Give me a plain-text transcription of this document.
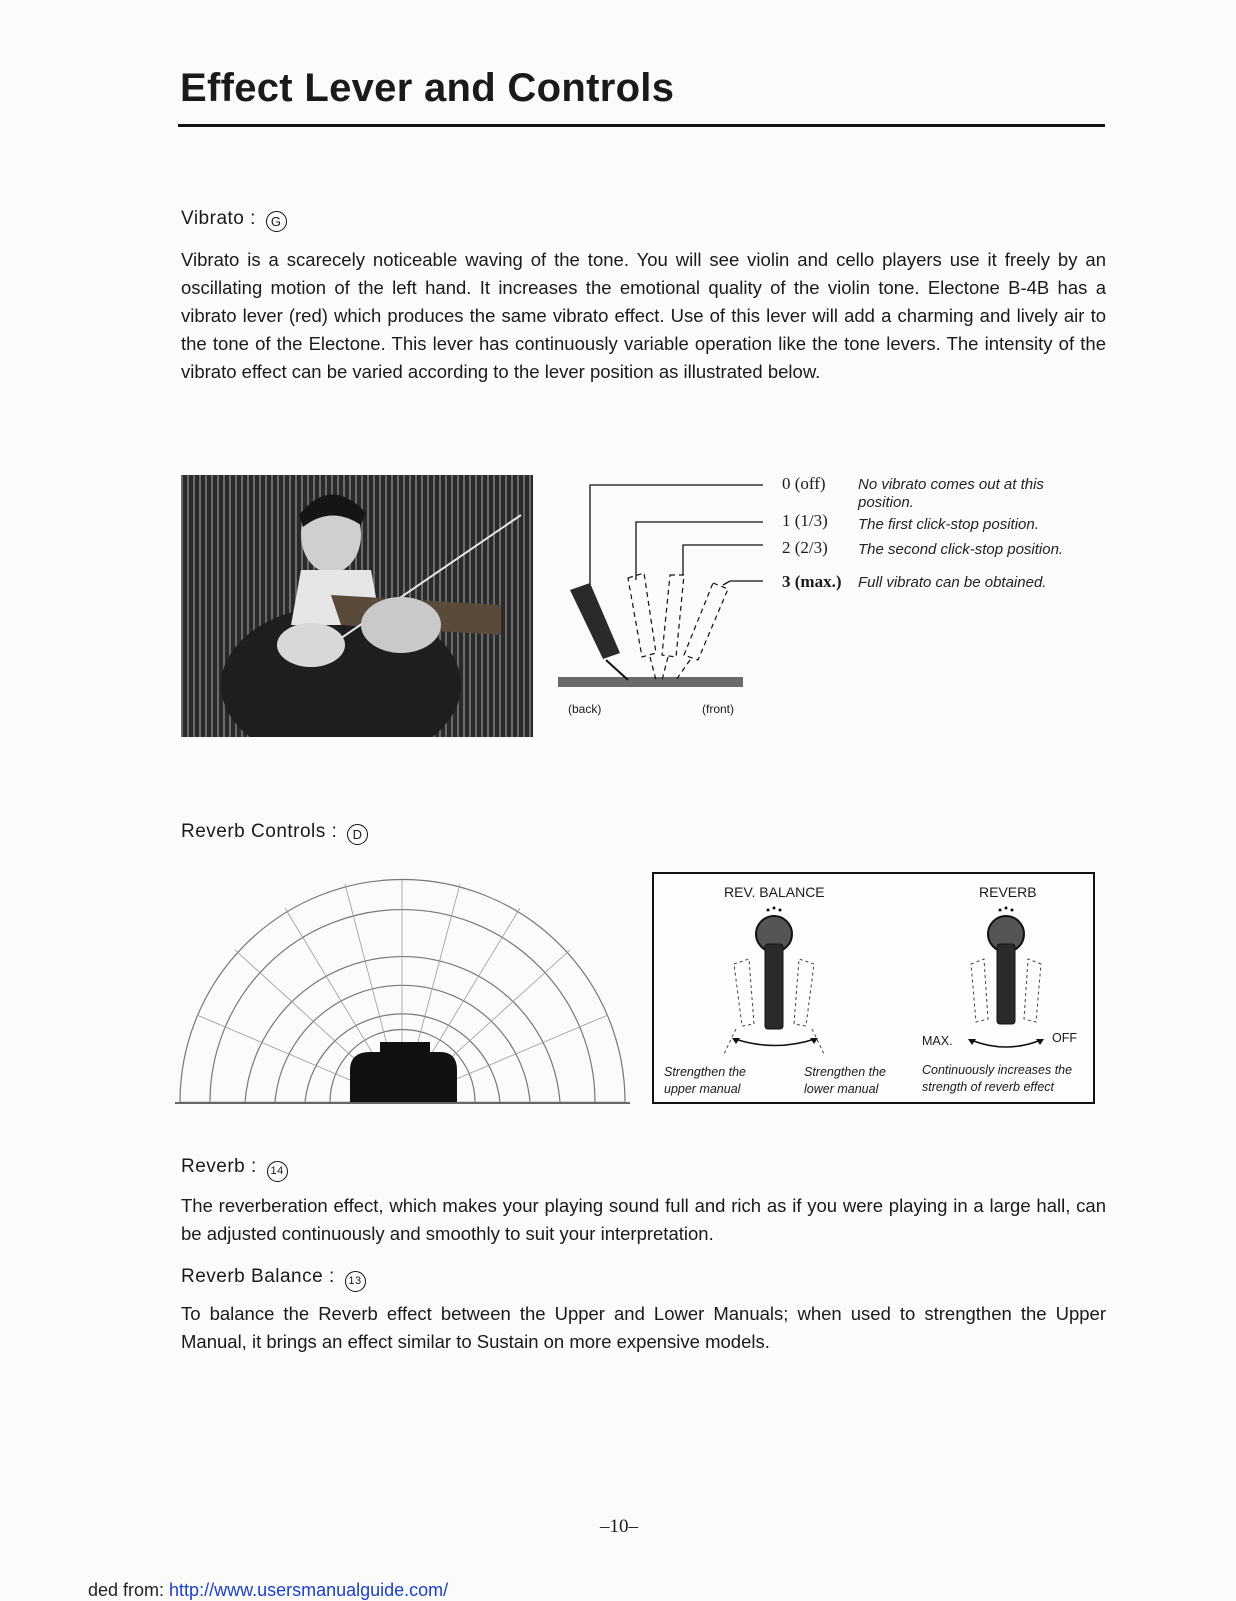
Effect Lever and Controls
Vibrato : G

Vibrato is a scarecely noticeable waving of the tone. You will see violin and cello players use it freely by an oscillating motion of the left hand. It increases the emotional quality of the violin tone. Electone B-4B has a vibrato lever (red) which produces the same vibrato effect. Use of this lever will add a charming and lively air to the tone of the Electone. This lever has continuously variable operation like the tone levers. The intensity of the vibrato effect can be varied according to the lever position as illustrated below.

0 (off) No vibrato comes out at this position.
1 (1/3) The first click-stop position.
2 (2/3) The second click-stop position.
3 (max.) Full vibrato can be obtained.
(back)	(front)
Reverb Controls : D
REV. BALANCE	REVERB
MAX.	OFF
Strengthen the upper manual
Strengthen the lower manual
Continuously increases the strength of reverb effect
Reverb : 14

The reverberation effect, which makes your playing sound full and rich as if you were playing in a large hall, can be adjusted continuously and smoothly to suit your interpretation.

Reverb Balance : 13

To balance the Reverb effect between the Upper and Lower Manuals; when used to strengthen the Upper Manual, it brings an effect similar to Sustain on more expensive models.

–10–
ded from: http://www.usersmanualguide.com/
